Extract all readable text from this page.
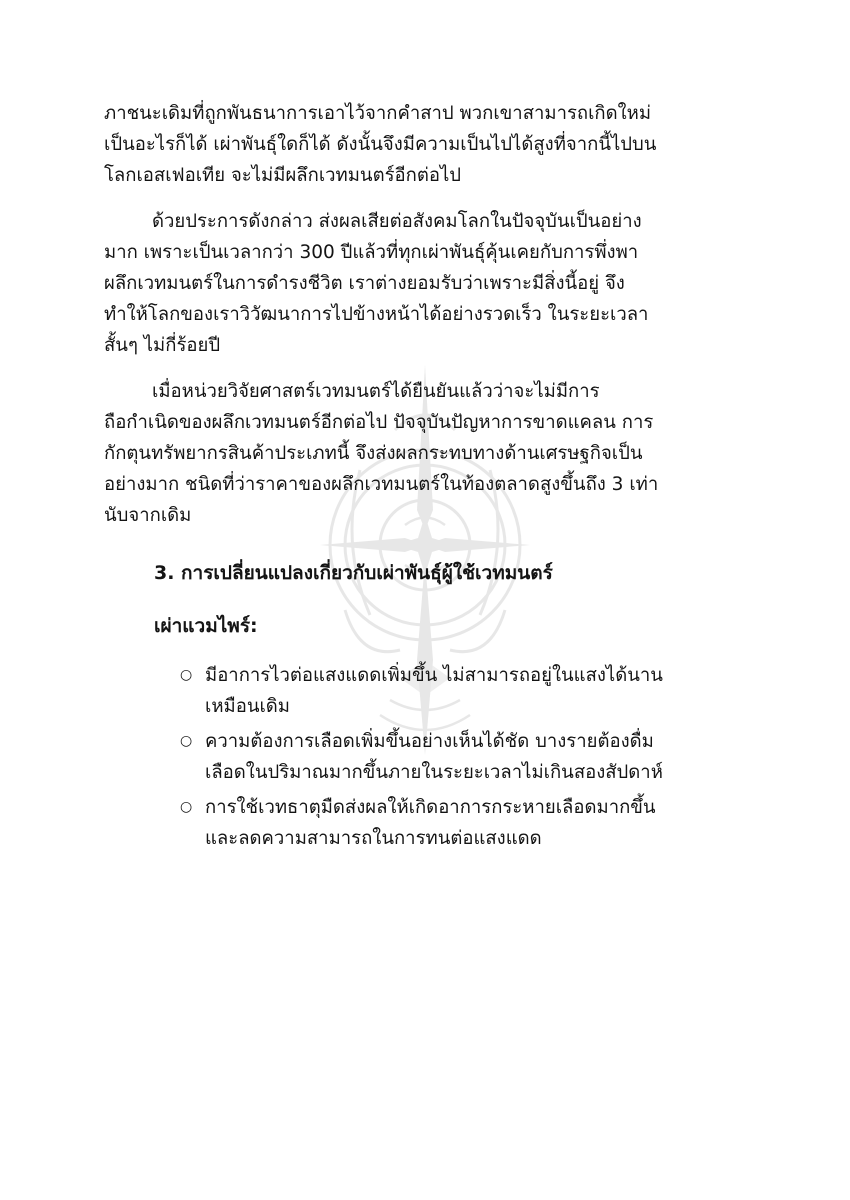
ภาชนะเดิมที่ถูกพันธนาการเอาไว้จากคำสาป พวกเขาสามารถเกิดใหม่
เป็นอะไรก็ได้ เผ่าพันธุ์ใดก็ได้ ดังนั้นจึงมีความเป็นไปได้สูงที่จากนี้ไปบน
โลกเอสเฟอเทีย จะไม่มีผลึกเวทมนตร์อีกต่อไป

ด้วยประการดังกล่าว ส่งผลเสียต่อสังคมโลกในปัจจุบันเป็นอย่าง
มาก เพราะเป็นเวลากว่า 300 ปีแล้วที่ทุกเผ่าพันธุ์คุ้นเคยกับการพึ่งพา
ผลึกเวทมนตร์ในการดำรงชีวิต เราต่างยอมรับว่าเพราะมีสิ่งนี้อยู่ จึง
ทำให้โลกของเราวิวัฒนาการไปข้างหน้าได้อย่างรวดเร็ว ในระยะเวลา
สั้นๆ ไม่กี่ร้อยปี

เมื่อหน่วยวิจัยศาสตร์เวทมนตร์ได้ยืนยันแล้วว่าจะไม่มีการ
ถือกำเนิดของผลึกเวทมนตร์อีกต่อไป ปัจจุบันปัญหาการขาดแคลน การ
กักตุนทรัพยากรสินค้าประเภทนี้ จึงส่งผลกระทบทางด้านเศรษฐกิจเป็น
อย่างมาก ชนิดที่ว่าราคาของผลึกเวทมนตร์ในท้องตลาดสูงขึ้นถึง 3 เท่า
นับจากเดิม

3. การเปลี่ยนแปลงเกี่ยวกับเผ่าพันธุ์ผู้ใช้เวทมนตร์
เผ่าแวมไพร์:
○ มีอาการไวต่อแสงแดดเพิ่มขึ้น ไม่สามารถอยู่ในแสงได้นาน
เหมือนเดิม
○ ความต้องการเลือดเพิ่มขึ้นอย่างเห็นได้ชัด บางรายต้องดื่ม
เลือดในปริมาณมากขึ้นภายในระยะเวลาไม่เกินสองสัปดาห์
○ การใช้เวทธาตุมืดส่งผลให้เกิดอาการกระหายเลือดมากขึ้น
และลดความสามารถในการทนต่อแสงแดด
